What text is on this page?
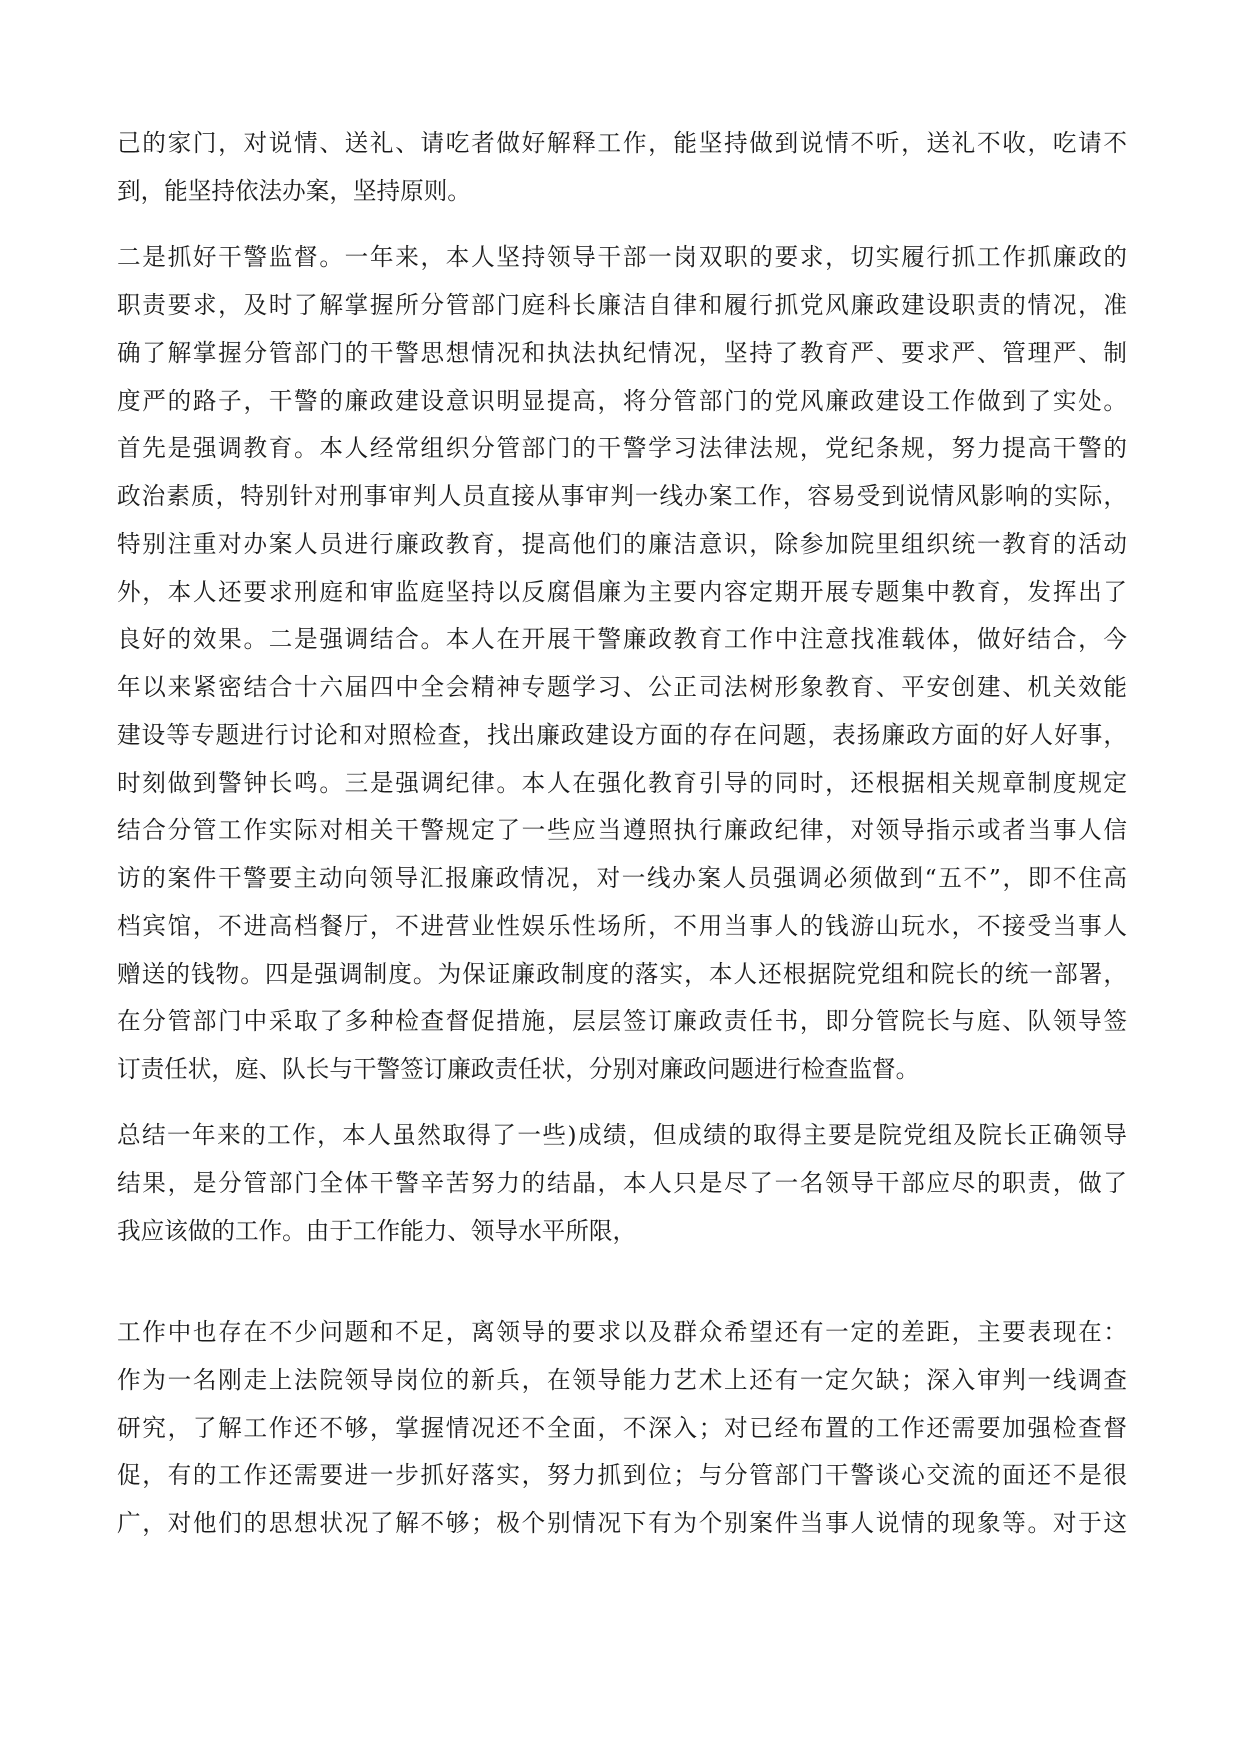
己的家门，对说情、送礼、请吃者做好解释工作，能坚持做到说情不听，送礼不收，吃请不
到，能坚持依法办案，坚持原则。
二是抓好干警监督。一年来，本人坚持领导干部一岗双职的要求，切实履行抓工作抓廉政的
职责要求，及时了解掌握所分管部门庭科长廉洁自律和履行抓党风廉政建设职责的情况，准
确了解掌握分管部门的干警思想情况和执法执纪情况，坚持了教育严、要求严、管理严、制
度严的路子，干警的廉政建设意识明显提高，将分管部门的党风廉政建设工作做到了实处。
首先是强调教育。本人经常组织分管部门的干警学习法律法规，党纪条规，努力提高干警的
政治素质，特别针对刑事审判人员直接从事审判一线办案工作，容易受到说情风影响的实际，
特别注重对办案人员进行廉政教育，提高他们的廉洁意识，除参加院里组织统一教育的活动
外，本人还要求刑庭和审监庭坚持以反腐倡廉为主要内容定期开展专题集中教育，发挥出了
良好的效果。二是强调结合。本人在开展干警廉政教育工作中注意找准载体，做好结合，今
年以来紧密结合十六届四中全会精神专题学习、公正司法树形象教育、平安创建、机关效能
建设等专题进行讨论和对照检查，找出廉政建设方面的存在问题，表扬廉政方面的好人好事，
时刻做到警钟长鸣。三是强调纪律。本人在强化教育引导的同时，还根据相关规章制度规定
结合分管工作实际对相关干警规定了一些应当遵照执行廉政纪律，对领导指示或者当事人信
访的案件干警要主动向领导汇报廉政情况，对一线办案人员强调必须做到“五不”，即不住高
档宾馆，不进高档餐厅，不进营业性娱乐性场所，不用当事人的钱游山玩水，不接受当事人
赠送的钱物。四是强调制度。为保证廉政制度的落实，本人还根据院党组和院长的统一部署，
在分管部门中采取了多种检查督促措施，层层签订廉政责任书，即分管院长与庭、队领导签
订责任状，庭、队长与干警签订廉政责任状，分别对廉政问题进行检查监督。
总结一年来的工作，本人虽然取得了一些)成绩，但成绩的取得主要是院党组及院长正确领导
结果，是分管部门全体干警辛苦努力的结晶，本人只是尽了一名领导干部应尽的职责，做了
我应该做的工作。由于工作能力、领导水平所限，
工作中也存在不少问题和不足，离领导的要求以及群众希望还有一定的差距，主要表现在：
作为一名刚走上法院领导岗位的新兵，在领导能力艺术上还有一定欠缺；深入审判一线调查
研究，了解工作还不够，掌握情况还不全面，不深入；对已经布置的工作还需要加强检查督
促，有的工作还需要进一步抓好落实，努力抓到位；与分管部门干警谈心交流的面还不是很
广，对他们的思想状况了解不够；极个别情况下有为个别案件当事人说情的现象等。对于这
